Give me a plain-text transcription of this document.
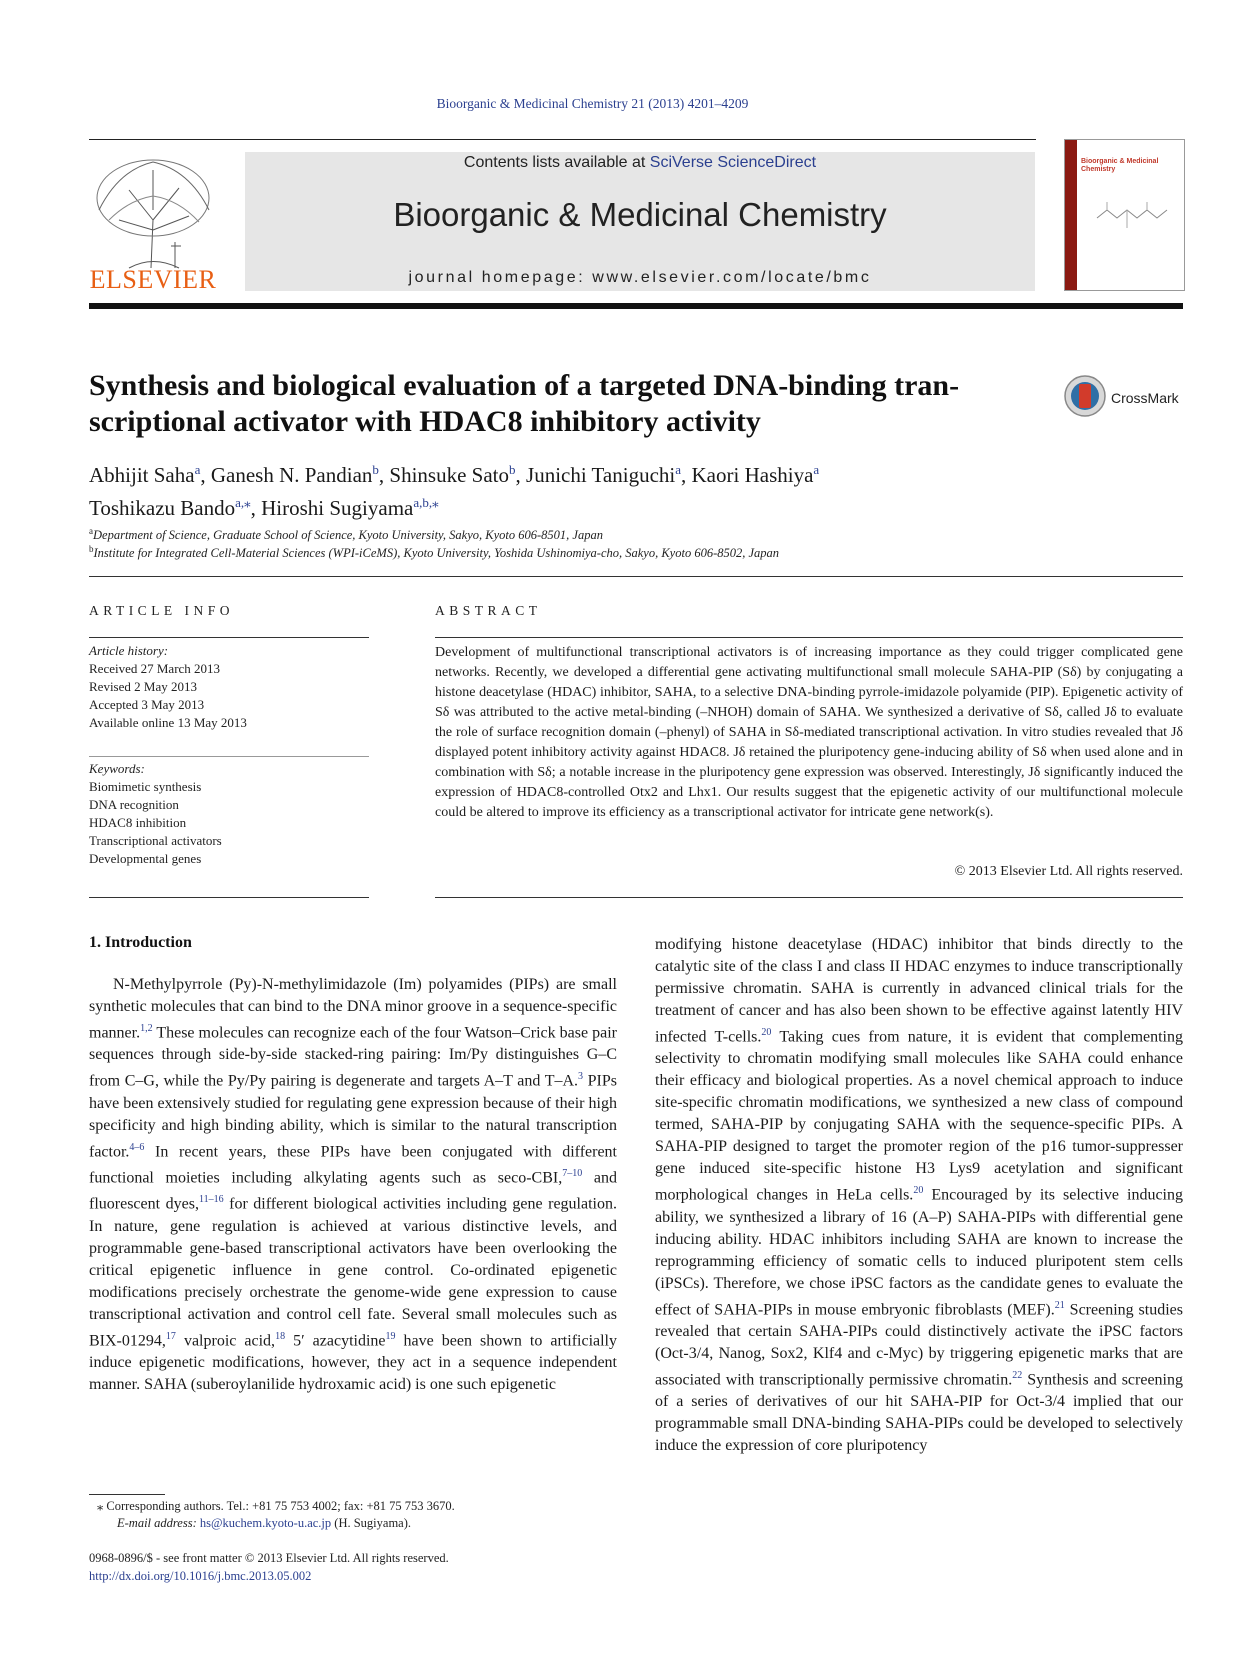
Bioorganic & Medicinal Chemistry 21 (2013) 4201–4209
ELSEVIER
Contents lists available at SciVerse ScienceDirect
Bioorganic & Medicinal Chemistry
journal homepage: www.elsevier.com/locate/bmc
Bioorganic & Medicinal Chemistry
Synthesis and biological evaluation of a targeted DNA-binding tran-scriptional activator with HDAC8 inhibitory activity
CrossMark
Abhijit Saha$^a$, Ganesh N. Pandian$^b$, Shinsuke Sato$^b$, Junichi Taniguchi$^a$, Kaori Hashiya$^a$
Toshikazu Bando$^{a,⁎}$, Hiroshi Sugiyama$^{a,b,⁎}$
$^a$Department of Science, Graduate School of Science, Kyoto University, Sakyo, Kyoto 606-8501, Japan
$^b$Institute for Integrated Cell-Material Sciences (WPI-iCeMS), Kyoto University, Yoshida Ushinomiya-cho, Sakyo, Kyoto 606-8502, Japan
ARTICLE INFO
Article history:
Received 27 March 2013
Revised 2 May 2013
Accepted 3 May 2013
Available online 13 May 2013
Keywords:
Biomimetic synthesis
DNA recognition
HDAC8 inhibition
Transcriptional activators
Developmental genes
ABSTRACT
Development of multifunctional transcriptional activators is of increasing importance as they could trigger complicated gene networks. Recently, we developed a differential gene activating multifunctional small molecule SAHA-PIP (Sδ) by conjugating a histone deacetylase (HDAC) inhibitor, SAHA, to a selective DNA-binding pyrrole-imidazole polyamide (PIP). Epigenetic activity of Sδ was attributed to the active metal-binding (–NHOH) domain of SAHA. We synthesized a derivative of Sδ, called Jδ to evaluate the role of surface recognition domain (–phenyl) of SAHA in Sδ-mediated transcriptional activation. In vitro studies revealed that Jδ displayed potent inhibitory activity against HDAC8. Jδ retained the pluripotency gene-inducing ability of Sδ when used alone and in combination with Sδ; a notable increase in the pluripotency gene expression was observed. Interestingly, Jδ significantly induced the expression of HDAC8-controlled Otx2 and Lhx1. Our results suggest that the epigenetic activity of our multifunctional molecule could be altered to improve its efficiency as a transcriptional activator for intricate gene network(s).
© 2013 Elsevier Ltd. All rights reserved.
1. Introduction
N-Methylpyrrole (Py)-N-methylimidazole (Im) polyamides (PIPs) are small synthetic molecules that can bind to the DNA minor groove in a sequence-specific manner.$^{1,2}$ These molecules can recognize each of the four Watson–Crick base pair sequences through side-by-side stacked-ring pairing: Im/Py distinguishes G–C from C–G, while the Py/Py pairing is degenerate and targets A–T and T–A.$^3$ PIPs have been extensively studied for regulating gene expression because of their high specificity and high binding ability, which is similar to the natural transcription factor.$^{4-6}$ In recent years, these PIPs have been conjugated with different functional moieties including alkylating agents such as seco-CBI,$^{7-10}$ and fluorescent dyes,$^{11-16}$ for different biological activities including gene regulation. In nature, gene regulation is achieved at various distinctive levels, and programmable gene-based transcriptional activators have been overlooking the critical epigenetic influence in gene control. Co-ordinated epigenetic modifications precisely orchestrate the genome-wide gene expression to cause transcriptional activation and control cell fate. Several small molecules such as BIX-01294,17 valproic acid,$^{18}$ 5′ azacytidine$^{19}$ have been shown to artificially induce epigenetic modifications, however, they act in a sequence independent manner. SAHA (suberoylanilide hydroxamic acid) is one such epigenetic
modifying histone deacetylase (HDAC) inhibitor that binds directly to the catalytic site of the class I and class II HDAC enzymes to induce transcriptionally permissive chromatin. SAHA is currently in advanced clinical trials for the treatment of cancer and has also been shown to be effective against latently HIV infected T-cells.$^{20}$ Taking cues from nature, it is evident that complementing selectivity to chromatin modifying small molecules like SAHA could enhance their efficacy and biological properties. As a novel chemical approach to induce site-specific chromatin modifications, we synthesized a new class of compound termed, SAHA-PIP by conjugating SAHA with the sequence-specific PIPs. A SAHA-PIP designed to target the promoter region of the p16 tumor-suppresser gene induced site-specific histone H3 Lys9 acetylation and significant morphological changes in HeLa cells.$^{20}$ Encouraged by its selective inducing ability, we synthesized a library of 16 (A–P) SAHA-PIPs with differential gene inducing ability. HDAC inhibitors including SAHA are known to increase the reprogramming efficiency of somatic cells to induced pluripotent stem cells (iPSCs). Therefore, we chose iPSC factors as the candidate genes to evaluate the effect of SAHA-PIPs in mouse embryonic fibroblasts (MEF).$^{21}$ Screening studies revealed that certain SAHA-PIPs could distinctively activate the iPSC factors (Oct-3/4, Nanog, Sox2, Klf4 and c-Myc) by triggering epigenetic marks that are associated with transcriptionally permissive chromatin.$^{22}$ Synthesis and screening of a series of derivatives of our hit SAHA-PIP for Oct-3/4 implied that our programmable small DNA-binding SAHA-PIPs could be developed to selectively induce the expression of core pluripotency
⁎ Corresponding authors. Tel.: +81 75 753 4002; fax: +81 75 753 3670.
E-mail address: hs@kuchem.kyoto-u.ac.jp (H. Sugiyama).
0968-0896/$ - see front matter © 2013 Elsevier Ltd. All rights reserved.
http://dx.doi.org/10.1016/j.bmc.2013.05.002
